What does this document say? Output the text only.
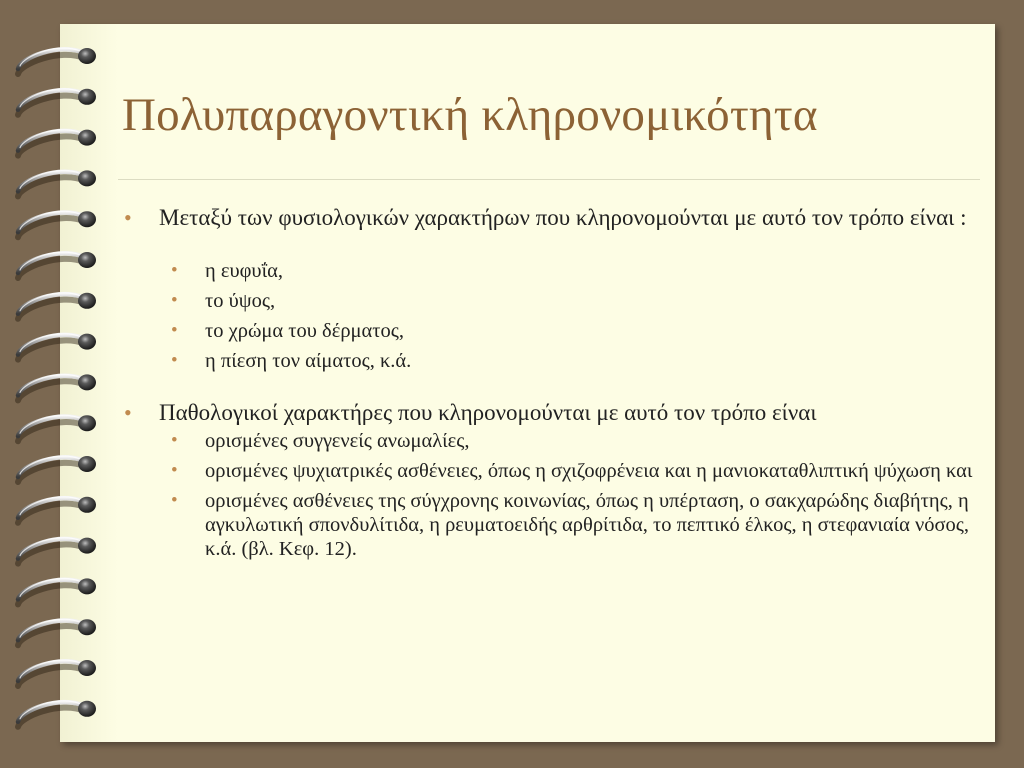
Πολυπαραγοντική κληρονομικότητα
• Μεταξύ των φυσιολογικών χαρακτήρων που κληρονομούνται με αυτό τον τρόπο είναι :
• η ευφυΐα,
• το ύψος,
• το χρώμα του δέρματος,
• η πίεση τον αίματος, κ.ά.
• Παθολογικοί χαρακτήρες που κληρονομούνται με αυτό τον τρόπο είναι
• ορισμένες συγγενείς ανωμαλίες,
• ορισμένες ψυχιατρικές ασθένειες, όπως η σχιζοφρένεια και η μανιοκαταθλιπτική ψύχωση και
• ορισμένες ασθένειες της σύγχρονης κοινωνίας, όπως η υπέρταση, ο σακχαρώδης διαβήτης, η αγκυλωτική σπονδυλίτιδα, η ρευματοειδής αρθρίτιδα, το πεπτικό έλκος, η στεφανιαία νόσος, κ.ά. (βλ. Κεφ. 12).
